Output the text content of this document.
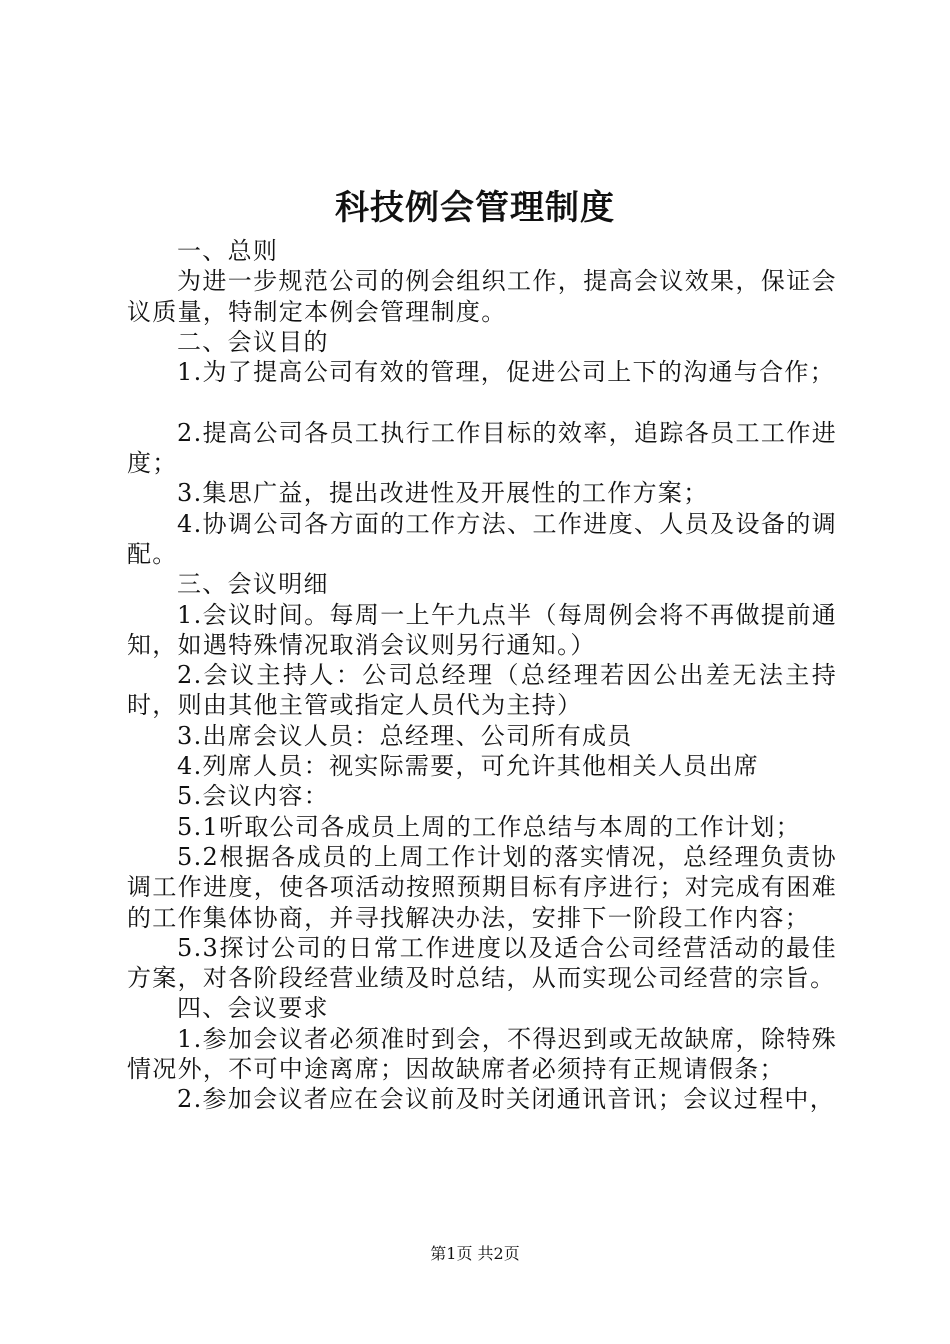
科技例会管理制度

一、总则

为进一步规范公司的例会组织工作，提高会议效果，保证会议质量，特制定本例会管理制度。

二、会议目的

1.为了提高公司有效的管理，促进公司上下的沟通与合作；

2.提高公司各员工执行工作目标的效率，追踪各员工工作进度；

3.集思广益，提出改进性及开展性的工作方案；

4.协调公司各方面的工作方法、工作进度、人员及设备的调配。

三、会议明细

1.会议时间。每周一上午九点半（每周例会将不再做提前通知，如遇特殊情况取消会议则另行通知。）

2.会议主持人：公司总经理（总经理若因公出差无法主持时，则由其他主管或指定人员代为主持）

3.出席会议人员：总经理、公司所有成员

4.列席人员：视实际需要，可允许其他相关人员出席

5.会议内容：

5.1听取公司各成员上周的工作总结与本周的工作计划；

5.2根据各成员的上周工作计划的落实情况，总经理负责协调工作进度，使各项活动按照预期目标有序进行；对完成有困难的工作集体协商，并寻找解决办法，安排下一阶段工作内容；

5.3探讨公司的日常工作进度以及适合公司经营活动的最佳方案，对各阶段经营业绩及时总结，从而实现公司经营的宗旨。

四、会议要求

1.参加会议者必须准时到会，不得迟到或无故缺席，除特殊情况外，不可中途离席；因故缺席者必须持有正规请假条；

2.参加会议者应在会议前及时关闭通讯音讯；会议过程中，

第1页 共2页
